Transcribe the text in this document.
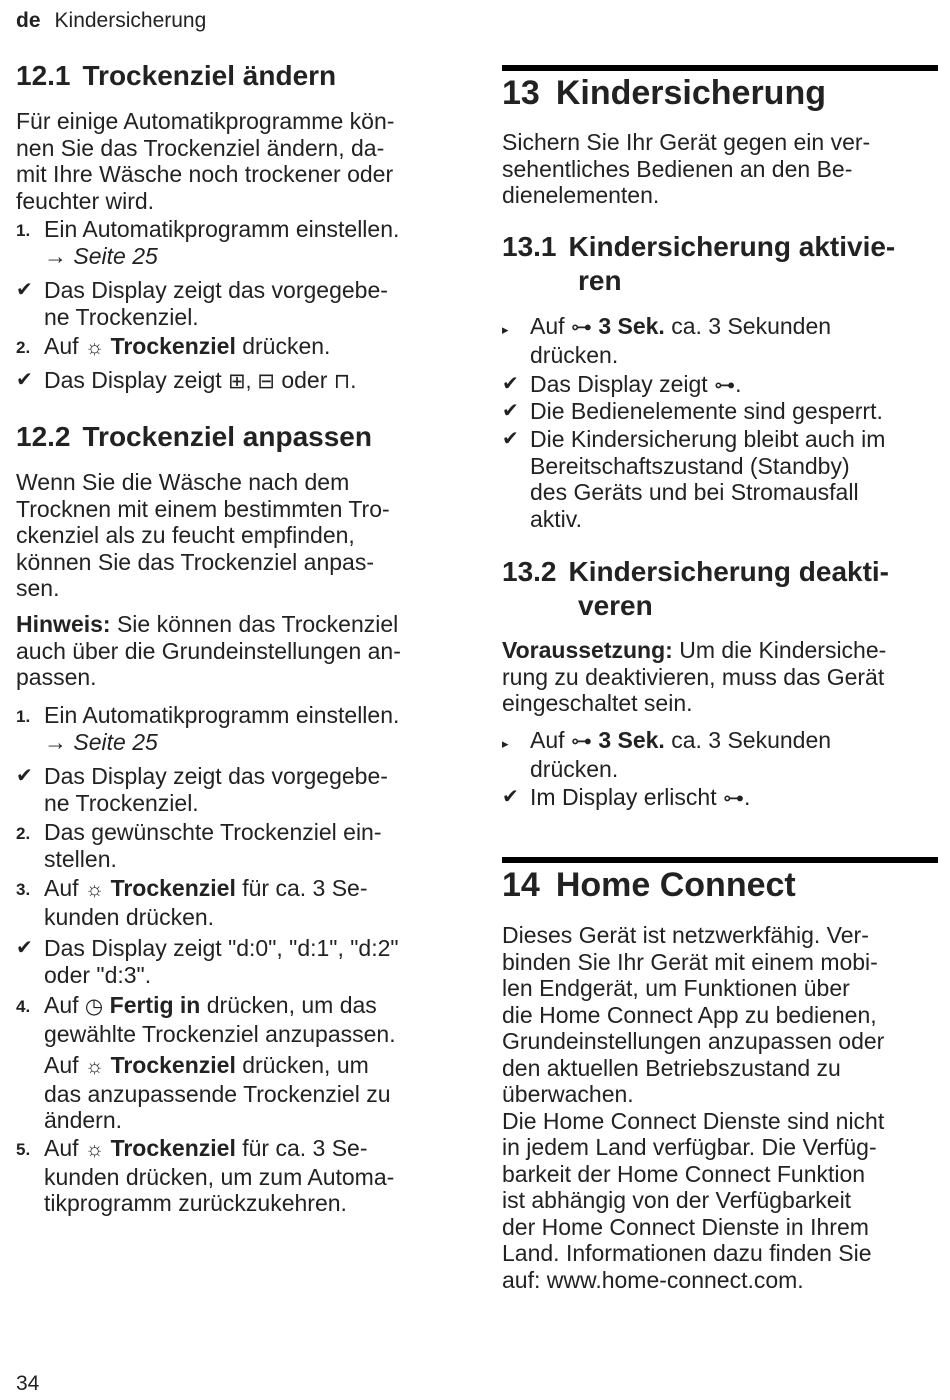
de Kindersicherung
12.1 Trockenziel ändern

Für einige Automatikprogramme kön-
nen Sie das Trockenziel ändern, da-
mit Ihre Wäsche noch trockener oder
feuchter wird.

1. Ein Automatikprogramm einstellen.
→ Seite 25
✔ Das Display zeigt das vorgegebe-
ne Trockenziel.
2. Auf ☼ Trockenziel drücken.
✔ Das Display zeigt ⊞, ⊟ oder ⊓.
12.2 Trockenziel anpassen

Wenn Sie die Wäsche nach dem
Trocknen mit einem bestimmten Tro-
ckenziel als zu feucht empfinden,
können Sie das Trockenziel anpas-
sen.

Hinweis: Sie können das Trockenziel
auch über die Grundeinstellungen an-
passen.

1. Ein Automatikprogramm einstellen.
→ Seite 25
✔ Das Display zeigt das vorgegebe-
ne Trockenziel.
2. Das gewünschte Trockenziel ein-
stellen.
3. Auf ☼ Trockenziel für ca. 3 Se-
kunden drücken.
✔ Das Display zeigt "d:0", "d:1", "d:2"
oder "d:3".
4. Auf ◷ Fertig in drücken, um das
gewählte Trockenziel anzupassen.
Auf ☼ Trockenziel drücken, um
das anzupassende Trockenziel zu
ändern.
5. Auf ☼ Trockenziel für ca. 3 Se-
kunden drücken, um zum Automa-
tikprogramm zurückzukehren.
13 Kindersicherung

Sichern Sie Ihr Gerät gegen ein ver-
sehentliches Bedienen an den Be-
dienelementen.

13.1 Kindersicherung aktivie-
ren
▸ Auf ⊶ 3 Sek. ca. 3 Sekunden
drücken.
✔ Das Display zeigt ⊶.
✔ Die Bedienelemente sind gesperrt.
✔ Die Kindersicherung bleibt auch im
Bereitschaftszustand (Standby)
des Geräts und bei Stromausfall
aktiv.
13.2 Kindersicherung deakti-
veren

Voraussetzung: Um die Kindersiche-
rung zu deaktivieren, muss das Gerät
eingeschaltet sein.

▸ Auf ⊶ 3 Sek. ca. 3 Sekunden
drücken.
✔ Im Display erlischt ⊶.
14 Home Connect

Dieses Gerät ist netzwerkfähig. Ver-
binden Sie Ihr Gerät mit einem mobi-
len Endgerät, um Funktionen über
die Home Connect App zu bedienen,
Grundeinstellungen anzupassen oder
den aktuellen Betriebszustand zu
überwachen.
Die Home Connect Dienste sind nicht
in jedem Land verfügbar. Die Verfüg-
barkeit der Home Connect Funktion
ist abhängig von der Verfügbarkeit
der Home Connect Dienste in Ihrem
Land. Informationen dazu finden Sie
auf: www.home-connect.com.

34
